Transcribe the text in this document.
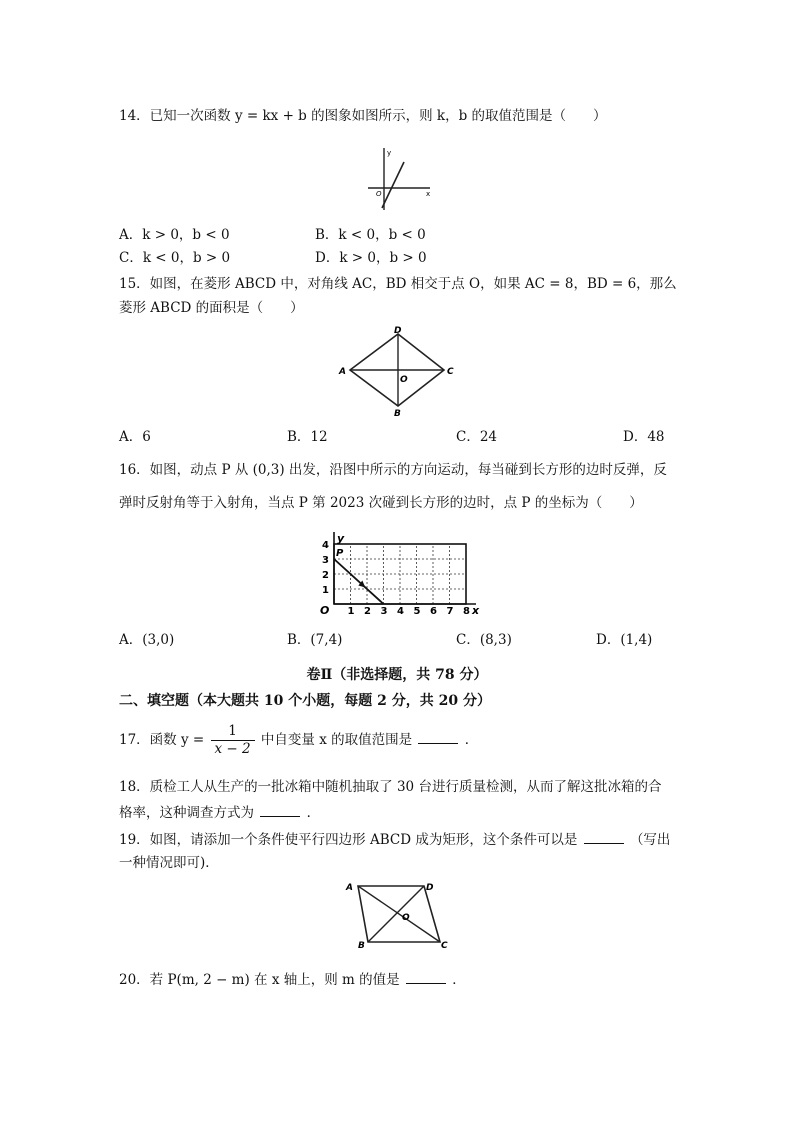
14．已知一次函数 y = kx + b 的图象如图所示，则 k，b 的取值范围是（　　）
y
x
O
A．k > 0，b < 0	B．k < 0，b < 0
C．k < 0，b > 0	D．k > 0，b > 0
15．如图，在菱形 ABCD 中，对角线 AC，BD 相交于点 O，如果 AC = 8，BD = 6，那么
菱形 ABCD 的面积是（　　）
A
D
C
B
O
A．6	B．12	C．24	D．48
16．如图，动点 P 从 (0,3) 出发，沿图中所示的方向运动，每当碰到长方形的边时反弹，反
弹时反射角等于入射角，当点 P 第 2023 次碰到长方形的边时，点 P 的坐标为（　　）
1 2 3 4 5 6 7 8
1
2
3
4
O	x
y
P
A．(3,0)	B．(7,4)	C．(8,3)	D．(1,4)
卷Ⅱ（非选择题，共 78 分）
二、填空题（本大题共 10 个小题，每题 2 分，共 20 分）
17．函数 $y = \frac{1}{x - 2}$ 中自变量 x 的取值范围是	．
18．质检工人从生产的一批冰箱中随机抽取了 30 台进行质量检测，从而了解这批冰箱的合
格率，这种调查方式为	．
19．如图，请添加一个条件使平行四边形 ABCD 成为矩形，这个条件可以是	（写出
一种情况即可)．
A	D
B	C
O
20．若 P(m, 2 − m) 在 x 轴上，则 m 的值是	．
